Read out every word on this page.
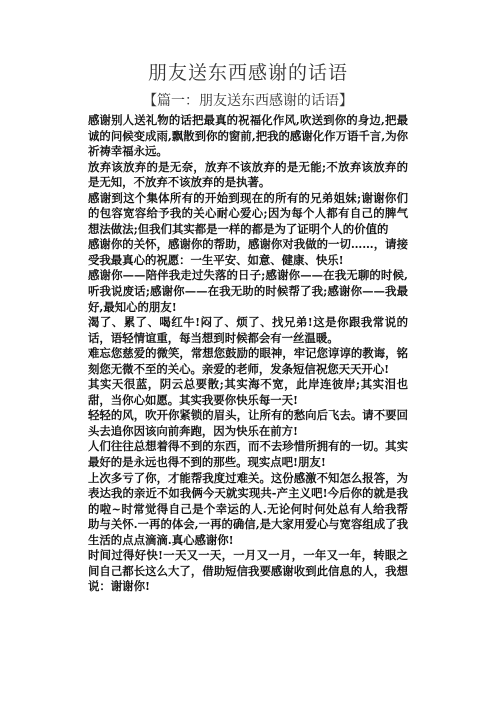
朋友送东西感谢的话语
【篇一：朋友送东西感谢的话语】

感谢别人送礼物的话把最真的祝福化作风,吹送到你的身边,把最诚的问候变成雨,飘散到你的窗前,把我的感谢化作万语千言,为你祈祷幸福永远。

放弃该放弃的是无奈，放弃不该放弃的是无能;不放弃该放弃的是无知，不放弃不该放弃的是执著。

感谢到这个集体所有的开始到现在的所有的兄弟姐妹;谢谢你们的包容宽容给予我的关心耐心爱心;因为每个人都有自己的脾气想法做法;但我们其实都是一样的都是为了证明个人的价值的

感谢你的关怀，感谢你的帮助，感谢你对我做的一切……，请接受我最真心的祝愿：一生平安、如意、健康、快乐!

感谢你——陪伴我走过失落的日子;感谢你——在我无聊的时候,听我说废话;感谢你——在我无助的时候帮了我;感谢你——我最好,最知心的朋友!

渴了、累了、喝红牛!闷了、烦了、找兄弟!这是你跟我常说的话，语轻情谊重，每当想到时候都会有一丝温暖。

难忘您慈爱的微笑，常想您鼓励的眼神，牢记您谆谆的教诲，铭刻您无微不至的关心。亲爱的老师，发条短信祝您天天开心!

其实天很蓝，阴云总要散;其实海不宽，此岸连彼岸;其实泪也甜，当你心如愿。其实我要你快乐每一天!

轻轻的风，吹开你紧锁的眉头，让所有的愁向后飞去。请不要回头去追你因该向前奔跑，因为快乐在前方!

人们往往总想着得不到的东西，而不去珍惜所拥有的一切。其实最好的是永远也得不到的那些。现实点吧!朋友!

上次多亏了你，才能帮我度过难关。这份感激不知怎么报答，为表达我的亲近不如我俩今天就实现共-产主义吧!今后你的就是我的啦~时常觉得自己是个幸运的人.无论何时何处总有人给我帮助与关怀.一再的体会,一再的确信,是大家用爱心与宽容组成了我生活的点点滴滴.真心感谢你!

时间过得好快!一天又一天，一月又一月，一年又一年，转眼之间自己都长这么大了，借助短信我要感谢收到此信息的人，我想说：谢谢你!
